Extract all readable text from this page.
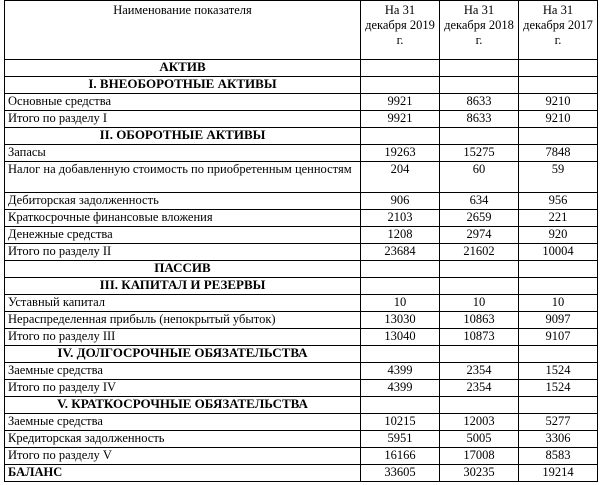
Наименование показателя	На 31 декабря 2019 г.	На 31 декабря 2018 г.	На 31 декабря 2017 г.
АКТИВ			
I. ВНЕОБОРОТНЫЕ АКТИВЫ			
Основные средства	9921	8633	9210
Итого по разделу I	9921	8633	9210
II. ОБОРОТНЫЕ АКТИВЫ			
Запасы	19263	15275	7848
Налог на добавленную стоимость по приобретенным ценностям	204	60	59
Дебиторская задолженность	906	634	956
Краткосрочные финансовые вложения	2103	2659	221
Денежные средства	1208	2974	920
Итого по разделу II	23684	21602	10004
ПАССИВ			
III. КАПИТАЛ И РЕЗЕРВЫ			
Уставный капитал	10	10	10
Нераспределенная прибыль (непокрытый убыток)	13030	10863	9097
Итого по разделу III	13040	10873	9107
IV. ДОЛГОСРОЧНЫЕ ОБЯЗАТЕЛЬСТВА			
Заемные средства	4399	2354	1524
Итого по разделу IV	4399	2354	1524
V. КРАТКОСРОЧНЫЕ ОБЯЗАТЕЛЬСТВА			
Заемные средства	10215	12003	5277
Кредиторская задолженность	5951	5005	3306
Итого по разделу V	16166	17008	8583
БАЛАНС	33605	30235	19214
